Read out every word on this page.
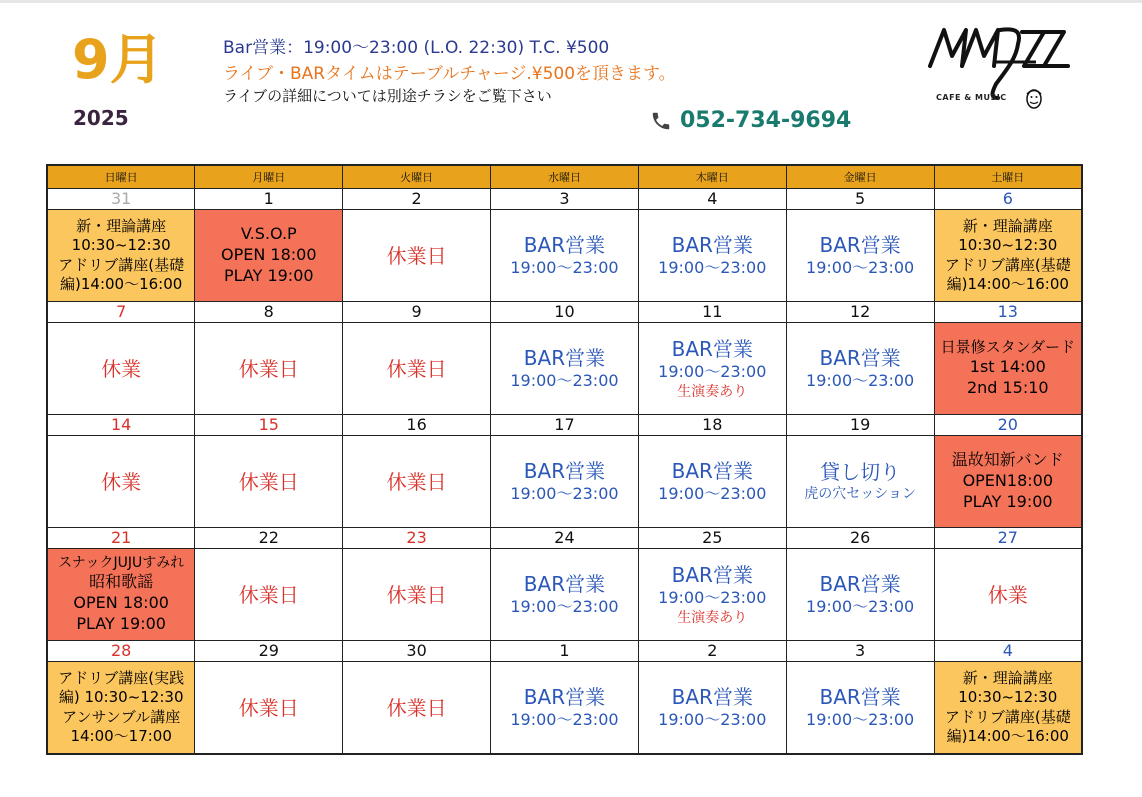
9月
2025
Bar営業：19:00〜23:00 (L.O. 22:30) T.C. ¥500
ライブ・BARタイムはテーブルチャージ.¥500を頂きます。
ライブの詳細については別途チラシをご覧下さい
052-734-9694
CAFE & MUSIC
日曜日	月曜日	火曜日	水曜日	木曜日	金曜日	土曜日
31	1	2	3	4	5	6

新・理論講座
10:30~12:30
アドリブ講座(基礎
編)14:00〜16:00	V.S.O.P
OPEN 18:00
PLAY 19:00	休業日	BAR営業
19:00〜23:00	BAR営業
19:00〜23:00	BAR営業
19:00〜23:00	新・理論講座
10:30~12:30
アドリブ講座(基礎
編)14:00〜16:00

7	8	9	10	11	12	13

休業	休業日	休業日	BAR営業
19:00〜23:00	BAR営業
19:00〜23:00
生演奏あり	BAR営業
19:00〜23:00	日景修スタンダード
1st 14:00
2nd 15:10

14	15	16	17	18	19	20

休業	休業日	休業日	BAR営業
19:00〜23:00	BAR営業
19:00〜23:00	貸し切り
虎の穴セッション	温故知新バンド
OPEN18:00
PLAY 19:00

21	22	23	24	25	26	27

スナックJUJUすみれ
昭和歌謡
OPEN 18:00
PLAY 19:00	休業日	休業日	BAR営業
19:00〜23:00	BAR営業
19:00〜23:00
生演奏あり	BAR営業
19:00〜23:00	休業

28	29	30	1	2	3	4

アドリブ講座(実践
編) 10:30~12:30
アンサンブル講座
14:00〜17:00	休業日	休業日	BAR営業
19:00〜23:00	BAR営業
19:00〜23:00	BAR営業
19:00〜23:00	新・理論講座
10:30~12:30
アドリブ講座(基礎
編)14:00〜16:00
